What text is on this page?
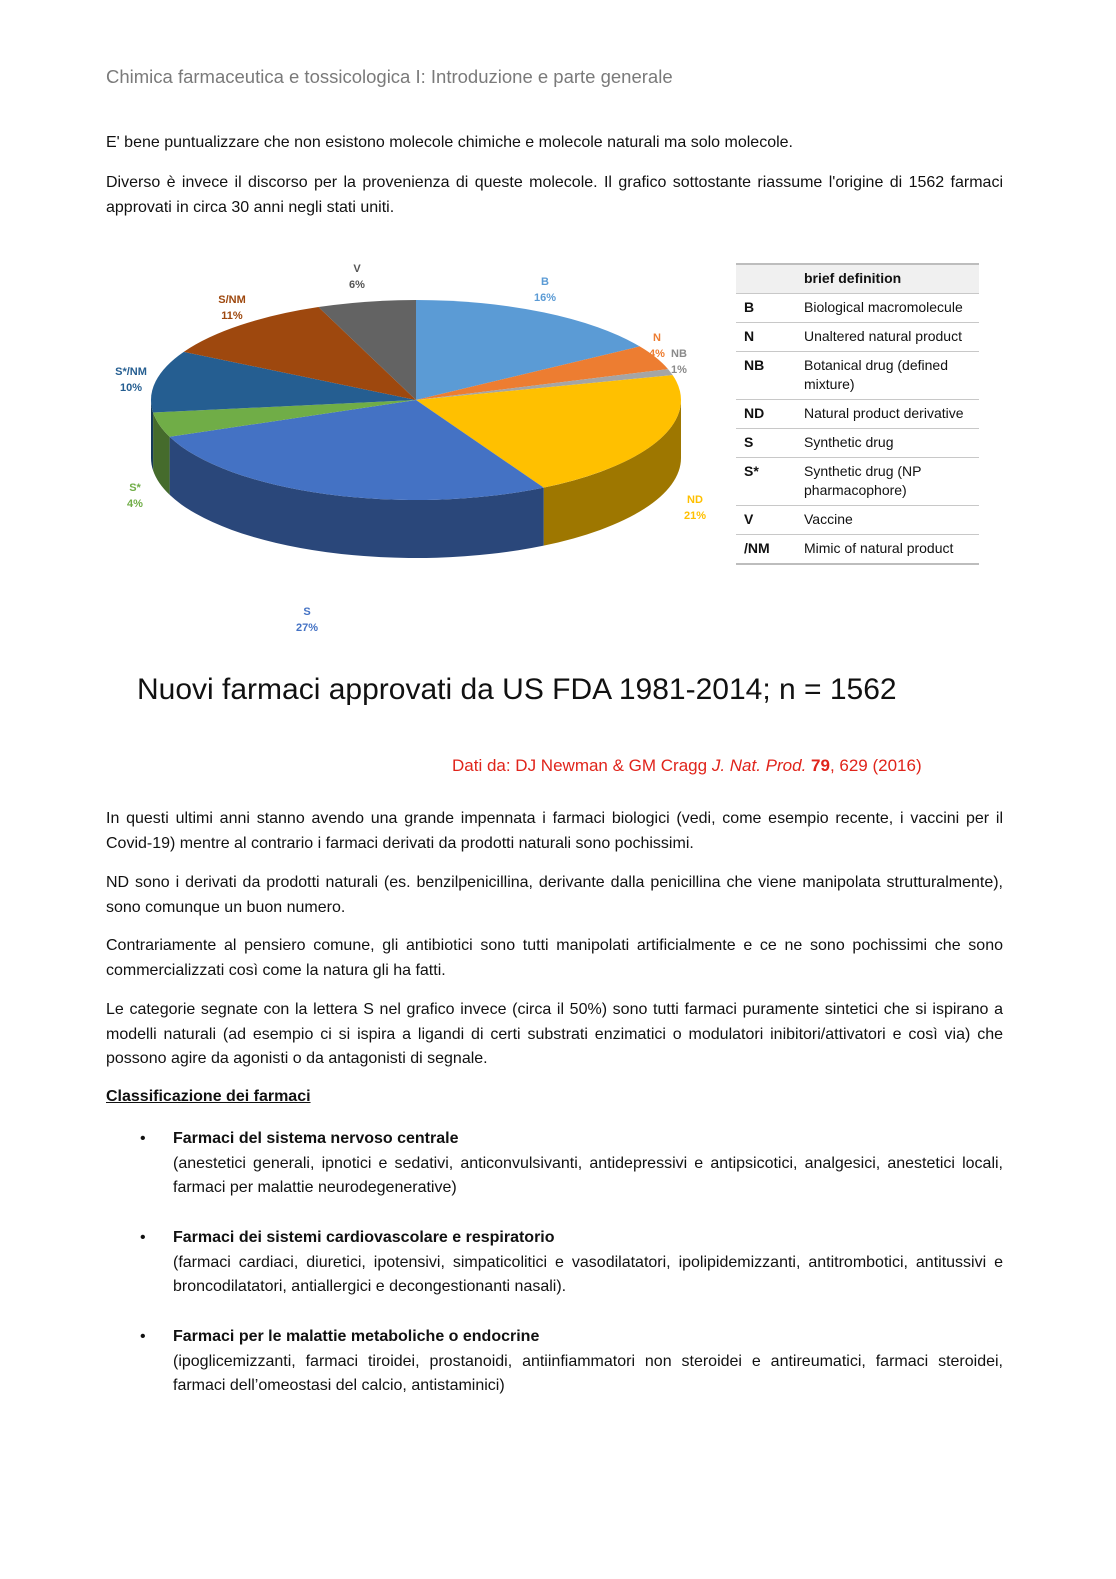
Chimica farmaceutica e tossicologica I: Introduzione e parte generale

E' bene puntualizzare che non esistono molecole chimiche e molecole naturali ma solo molecole.

Diverso è invece il discorso per la provenienza di queste molecole. Il grafico sottostante riassume l'origine di 1562 farmaci approvati in circa 30 anni negli stati uniti.

B
16%
N
4% NB
1%
ND
21%
S
27%
S*
4%
S*/NM
10%
S/NM
11%
V
6%
		brief definition
B	Biological macromolecule
N	Unaltered natural product
NB	Botanical drug (defined mixture)
ND	Natural product derivative
S	Synthetic drug
S*	Synthetic drug (NP pharmacophore)
V	Vaccine
/NM	Mimic of natural product
Nuovi farmaci approvati da US FDA 1981-2014; n = 1562
Dati da: DJ Newman & GM Cragg J. Nat. Prod. 79, 629 (2016)

In questi ultimi anni stanno avendo una grande impennata i farmaci biologici (vedi, come esempio recente, i vaccini per il Covid-19) mentre al contrario i farmaci derivati da prodotti naturali sono pochissimi.

ND sono i derivati da prodotti naturali (es. benzilpenicillina, derivante dalla penicillina che viene manipolata strutturalmente), sono comunque un buon numero.

Contrariamente al pensiero comune, gli antibiotici sono tutti manipolati artificialmente e ce ne sono pochissimi che sono commercializzati così come la natura gli ha fatti.

Le categorie segnate con la lettera S nel grafico invece (circa il 50%) sono tutti farmaci puramente sintetici che si ispirano a modelli naturali (ad esempio ci si ispira a ligandi di certi substrati enzimatici o modulatori inibitori/attivatori e così via) che possono agire da agonisti o da antagonisti di segnale.

Classificazione dei farmaci
• Farmaci del sistema nervoso centrale
(anestetici generali, ipnotici e sedativi, anticonvulsivanti, antidepressivi e antipsicotici, analgesici, anestetici locali, farmaci per malattie neurodegenerative)
• Farmaci dei sistemi cardiovascolare e respiratorio
(farmaci cardiaci, diuretici, ipotensivi, simpaticolitici e vasodilatatori, ipolipidemizzanti, antitrombotici, antitussivi e broncodilatatori, antiallergici e decongestionanti nasali).
• Farmaci per le malattie metaboliche o endocrine
(ipoglicemizzanti, farmaci tiroidei, prostanoidi, antiinfiammatori non steroidei e antireumatici, farmaci steroidei, farmaci dell’omeostasi del calcio, antistaminici)
